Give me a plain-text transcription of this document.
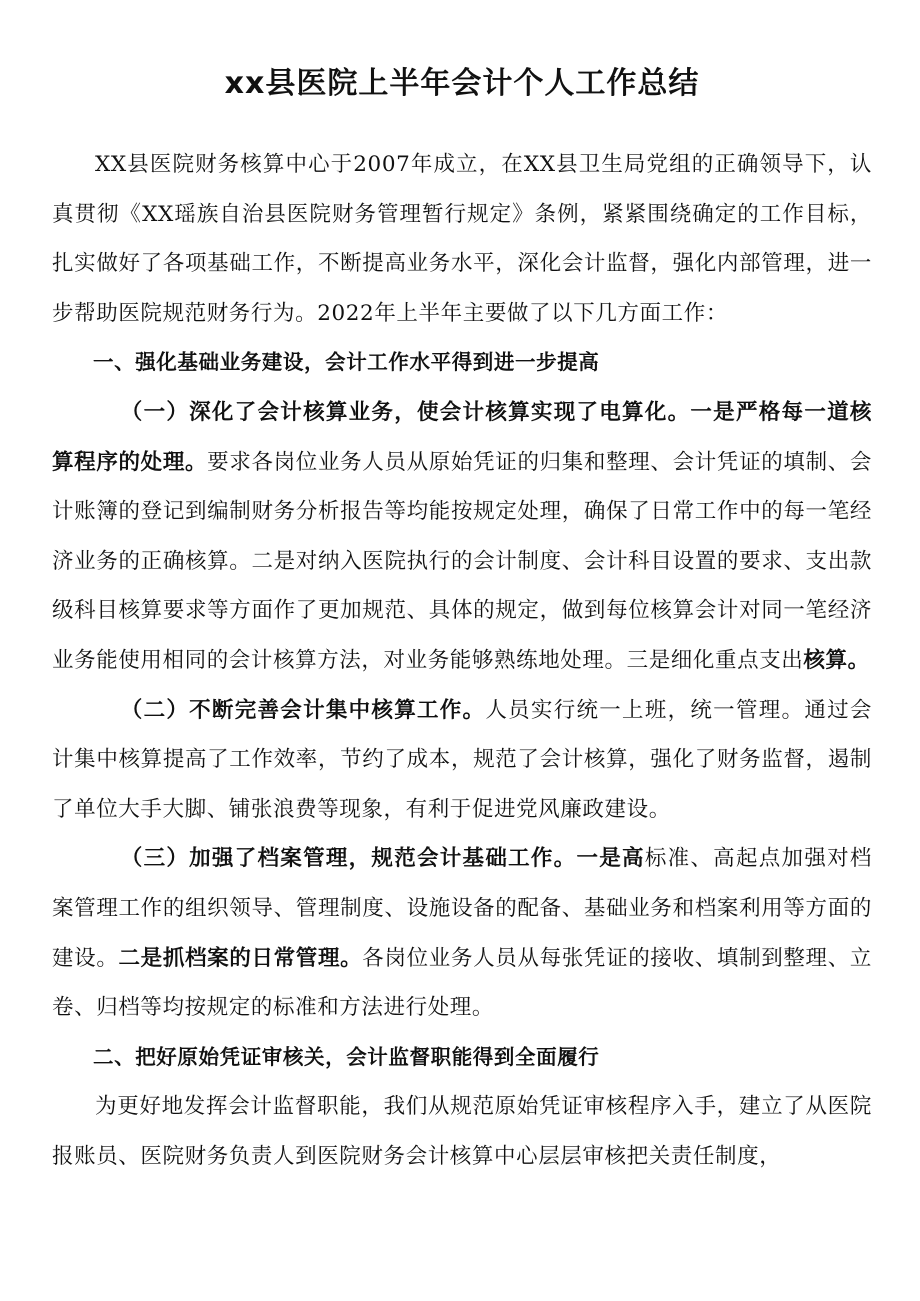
xx县医院上半年会计个人工作总结

XX县医院财务核算中心于2007年成立，在XX县卫生局党组的正确领导下，认真贯彻《XX瑶族自治县医院财务管理暂行规定》条例，紧紧围绕确定的工作目标，扎实做好了各项基础工作，不断提高业务水平，深化会计监督，强化内部管理，进一步帮助医院规范财务行为。2022年上半年主要做了以下几方面工作：

一、强化基础业务建设，会计工作水平得到进一步提高

（一）深化了会计核算业务，使会计核算实现了电算化。一是严格每一道核算程序的处理。要求各岗位业务人员从原始凭证的归集和整理、会计凭证的填制、会计账簿的登记到编制财务分析报告等均能按规定处理，确保了日常工作中的每一笔经济业务的正确核算。二是对纳入医院执行的会计制度、会计科目设置的要求、支出款级科目核算要求等方面作了更加规范、具体的规定，做到每位核算会计对同一笔经济业务能使用相同的会计核算方法，对业务能够熟练地处理。三是细化重点支出核算。

（二）不断完善会计集中核算工作。人员实行统一上班，统一管理。通过会计集中核算提高了工作效率，节约了成本，规范了会计核算，强化了财务监督，遏制了单位大手大脚、铺张浪费等现象，有利于促进党风廉政建设。

（三）加强了档案管理，规范会计基础工作。一是高标准、高起点加强对档案管理工作的组织领导、管理制度、设施设备的配备、基础业务和档案利用等方面的建设。二是抓档案的日常管理。各岗位业务人员从每张凭证的接收、填制到整理、立卷、归档等均按规定的标准和方法进行处理。

二、把好原始凭证审核关，会计监督职能得到全面履行

为更好地发挥会计监督职能，我们从规范原始凭证审核程序入手，建立了从医院报账员、医院财务负责人到医院财务会计核算中心层层审核把关责任制度，
